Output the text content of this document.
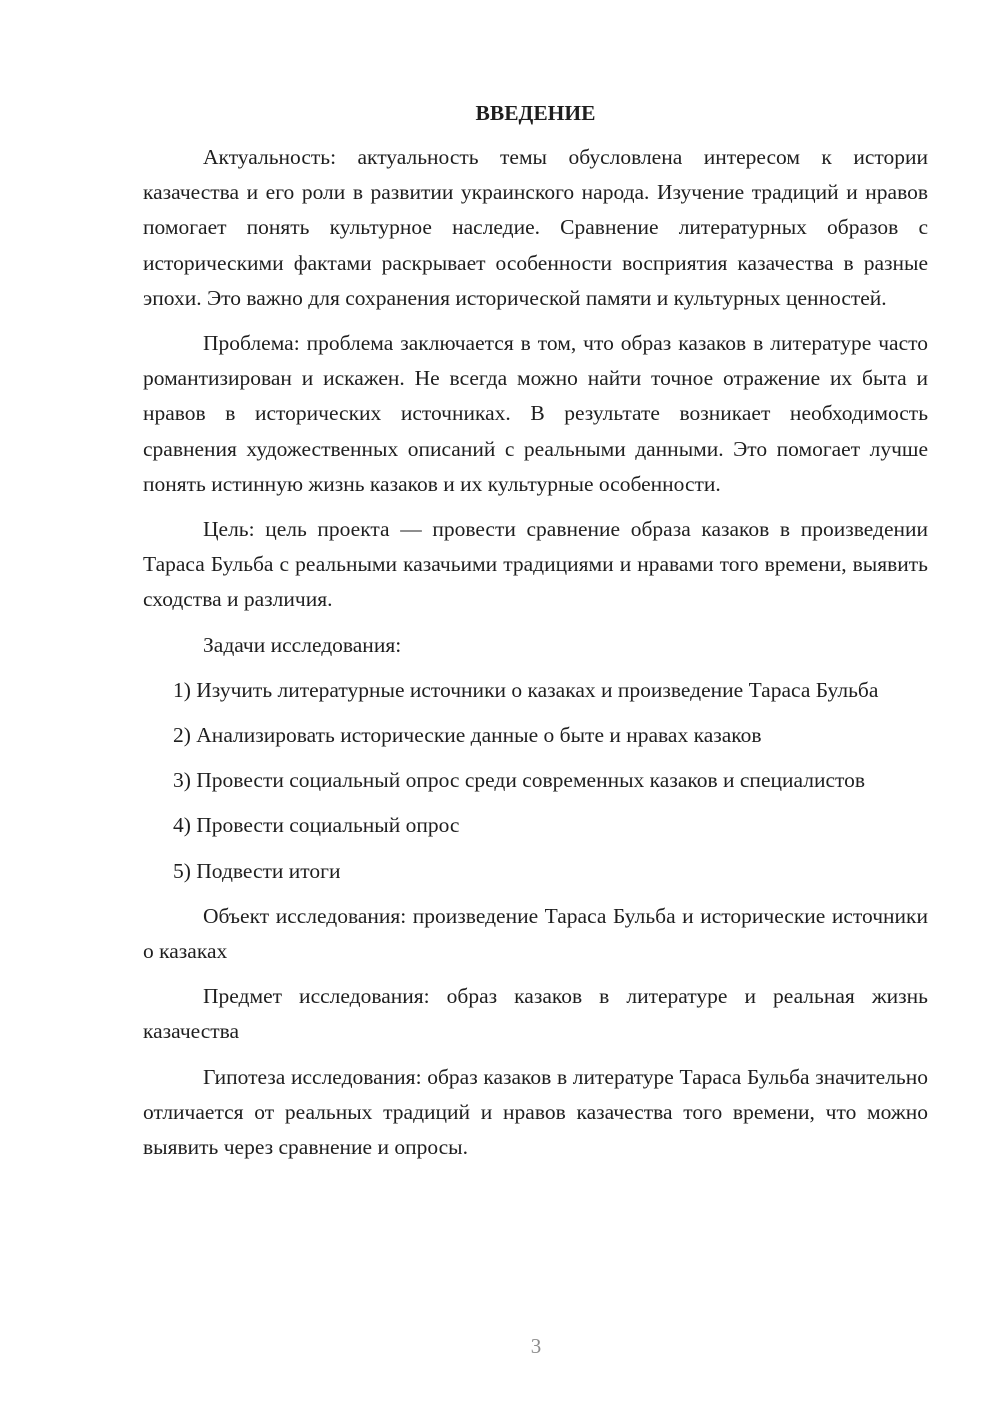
ВВЕДЕНИЕ

Актуальность: актуальность темы обусловлена интересом к истории казачества и его роли в развитии украинского народа. Изучение традиций и нравов помогает понять культурное наследие. Сравнение литературных образов с историческими фактами раскрывает особенности восприятия казачества в разные эпохи. Это важно для сохранения исторической памяти и культурных ценностей.

Проблема: проблема заключается в том, что образ казаков в литературе часто романтизирован и искажен. Не всегда можно найти точное отражение их быта и нравов в исторических источниках. В результате возникает необходимость сравнения художественных описаний с реальными данными. Это помогает лучше понять истинную жизнь казаков и их культурные особенности.

Цель: цель проекта — провести сравнение образа казаков в произведении Тараса Бульба с реальными казачьими традициями и нравами того времени, выявить сходства и различия.

Задачи исследования:

1) Изучить литературные источники о казаках и произведение Тараса Бульба

2) Анализировать исторические данные о быте и нравах казаков

3) Провести социальный опрос среди современных казаков и специалистов

4) Провести социальный опрос

5) Подвести итоги

Объект исследования: произведение Тараса Бульба и исторические источники о казаках

Предмет исследования: образ казаков в литературе и реальная жизнь казачества

Гипотеза исследования: образ казаков в литературе Тараса Бульба значительно отличается от реальных традиций и нравов казачества того времени, что можно выявить через сравнение и опросы.

3
